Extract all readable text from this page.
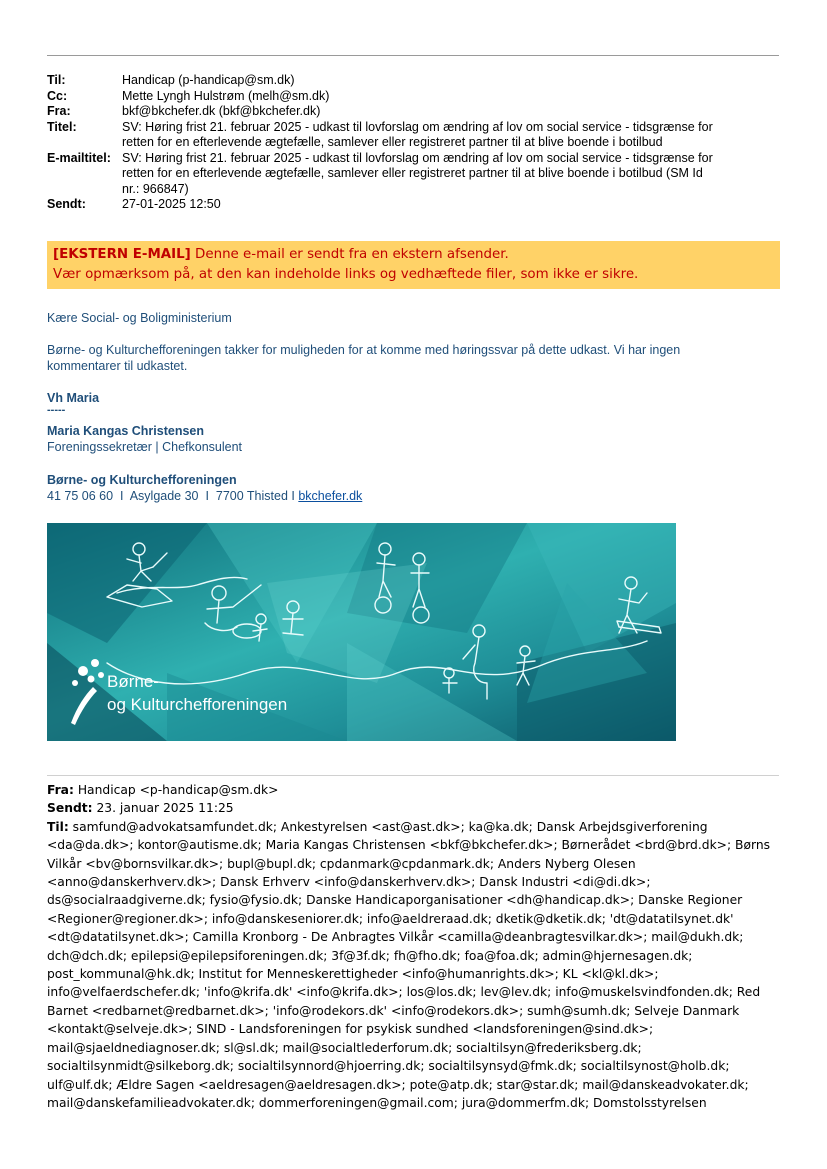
Til:	Handicap (p-handicap@sm.dk)
Cc:	Mette Lyngh Hulstrøm (melh@sm.dk)
Fra:	bkf@bkchefer.dk (bkf@bkchefer.dk)
Titel:	SV: Høring frist 21. februar 2025 - udkast til lovforslag om ændring af lov om social service - tidsgrænse for
retten for en efterlevende ægtefælle, samlever eller registreret partner til at blive boende i botilbud
E-mailtitel: SV: Høring frist 21. februar 2025 - udkast til lovforslag om ændring af lov om social service - tidsgrænse for
retten for en efterlevende ægtefælle, samlever eller registreret partner til at blive boende i botilbud (SM Id
nr.: 966847)
Sendt:	27-01-2025 12:50
[EKSTERN E-MAIL] Denne e-mail er sendt fra en ekstern afsender.
Vær opmærksom på, at den kan indeholde links og vedhæftede filer, som ikke er sikre.
Kære Social- og Boligministerium
Børne- og Kulturchefforeningen takker for muligheden for at komme med høringssvar på dette udkast. Vi har ingen
kommentarer til udkastet.
Vh Maria
-----
Maria Kangas Christensen
Foreningssekretær | Chefkonsulent
Børne- og Kulturchefforeningen
41 75 06 60  I  Asylgade 30  I  7700 Thisted I bkchefer.dk
Børne-
og Kulturchefforeningen
Fra: Handicap <p-handicap@sm.dk>
Sendt: 23. januar 2025 11:25
Til: samfund@advokatsamfundet.dk; Ankestyrelsen <ast@ast.dk>; ka@ka.dk; Dansk Arbejdsgiverforening
<da@da.dk>; kontor@autisme.dk; Maria Kangas Christensen <bkf@bkchefer.dk>; Børnerådet <brd@brd.dk>; Børns
Vilkår <bv@bornsvilkar.dk>; bupl@bupl.dk; cpdanmark@cpdanmark.dk; Anders Nyberg Olesen
<anno@danskerhverv.dk>; Dansk Erhverv <info@danskerhverv.dk>; Dansk Industri <di@di.dk>;
ds@socialraadgiverne.dk; fysio@fysio.dk; Danske Handicaporganisationer <dh@handicap.dk>; Danske Regioner
<Regioner@regioner.dk>; info@danskeseniorer.dk; info@aeldreraad.dk; dketik@dketik.dk; 'dt@datatilsynet.dk'
<dt@datatilsynet.dk>; Camilla Kronborg - De Anbragtes Vilkår <camilla@deanbragtesvilkar.dk>; mail@dukh.dk;
dch@dch.dk; epilepsi@epilepsiforeningen.dk; 3f@3f.dk; fh@fho.dk; foa@foa.dk; admin@hjernesagen.dk;
post_kommunal@hk.dk; Institut for Menneskerettigheder <info@humanrights.dk>; KL <kl@kl.dk>;
info@velfaerdschefer.dk; 'info@krifa.dk' <info@krifa.dk>; los@los.dk; lev@lev.dk; info@muskelsvindfonden.dk; Red
Barnet <redbarnet@redbarnet.dk>; 'info@rodekors.dk' <info@rodekors.dk>; sumh@sumh.dk; Selveje Danmark
<kontakt@selveje.dk>; SIND - Landsforeningen for psykisk sundhed <landsforeningen@sind.dk>;
mail@sjaeldnediagnoser.dk; sl@sl.dk; mail@socialtlederforum.dk; socialtilsyn@frederiksberg.dk;
socialtilsynmidt@silkeborg.dk; socialtilsynnord@hjoerring.dk; socialtilsynsyd@fmk.dk; socialtilsynost@holb.dk;
ulf@ulf.dk; Ældre Sagen <aeldresagen@aeldresagen.dk>; pote@atp.dk; star@star.dk; mail@danskeadvokater.dk;
mail@danskefamilieadvokater.dk; dommerforeningen@gmail.com; jura@dommerfm.dk; Domstolsstyrelsen
